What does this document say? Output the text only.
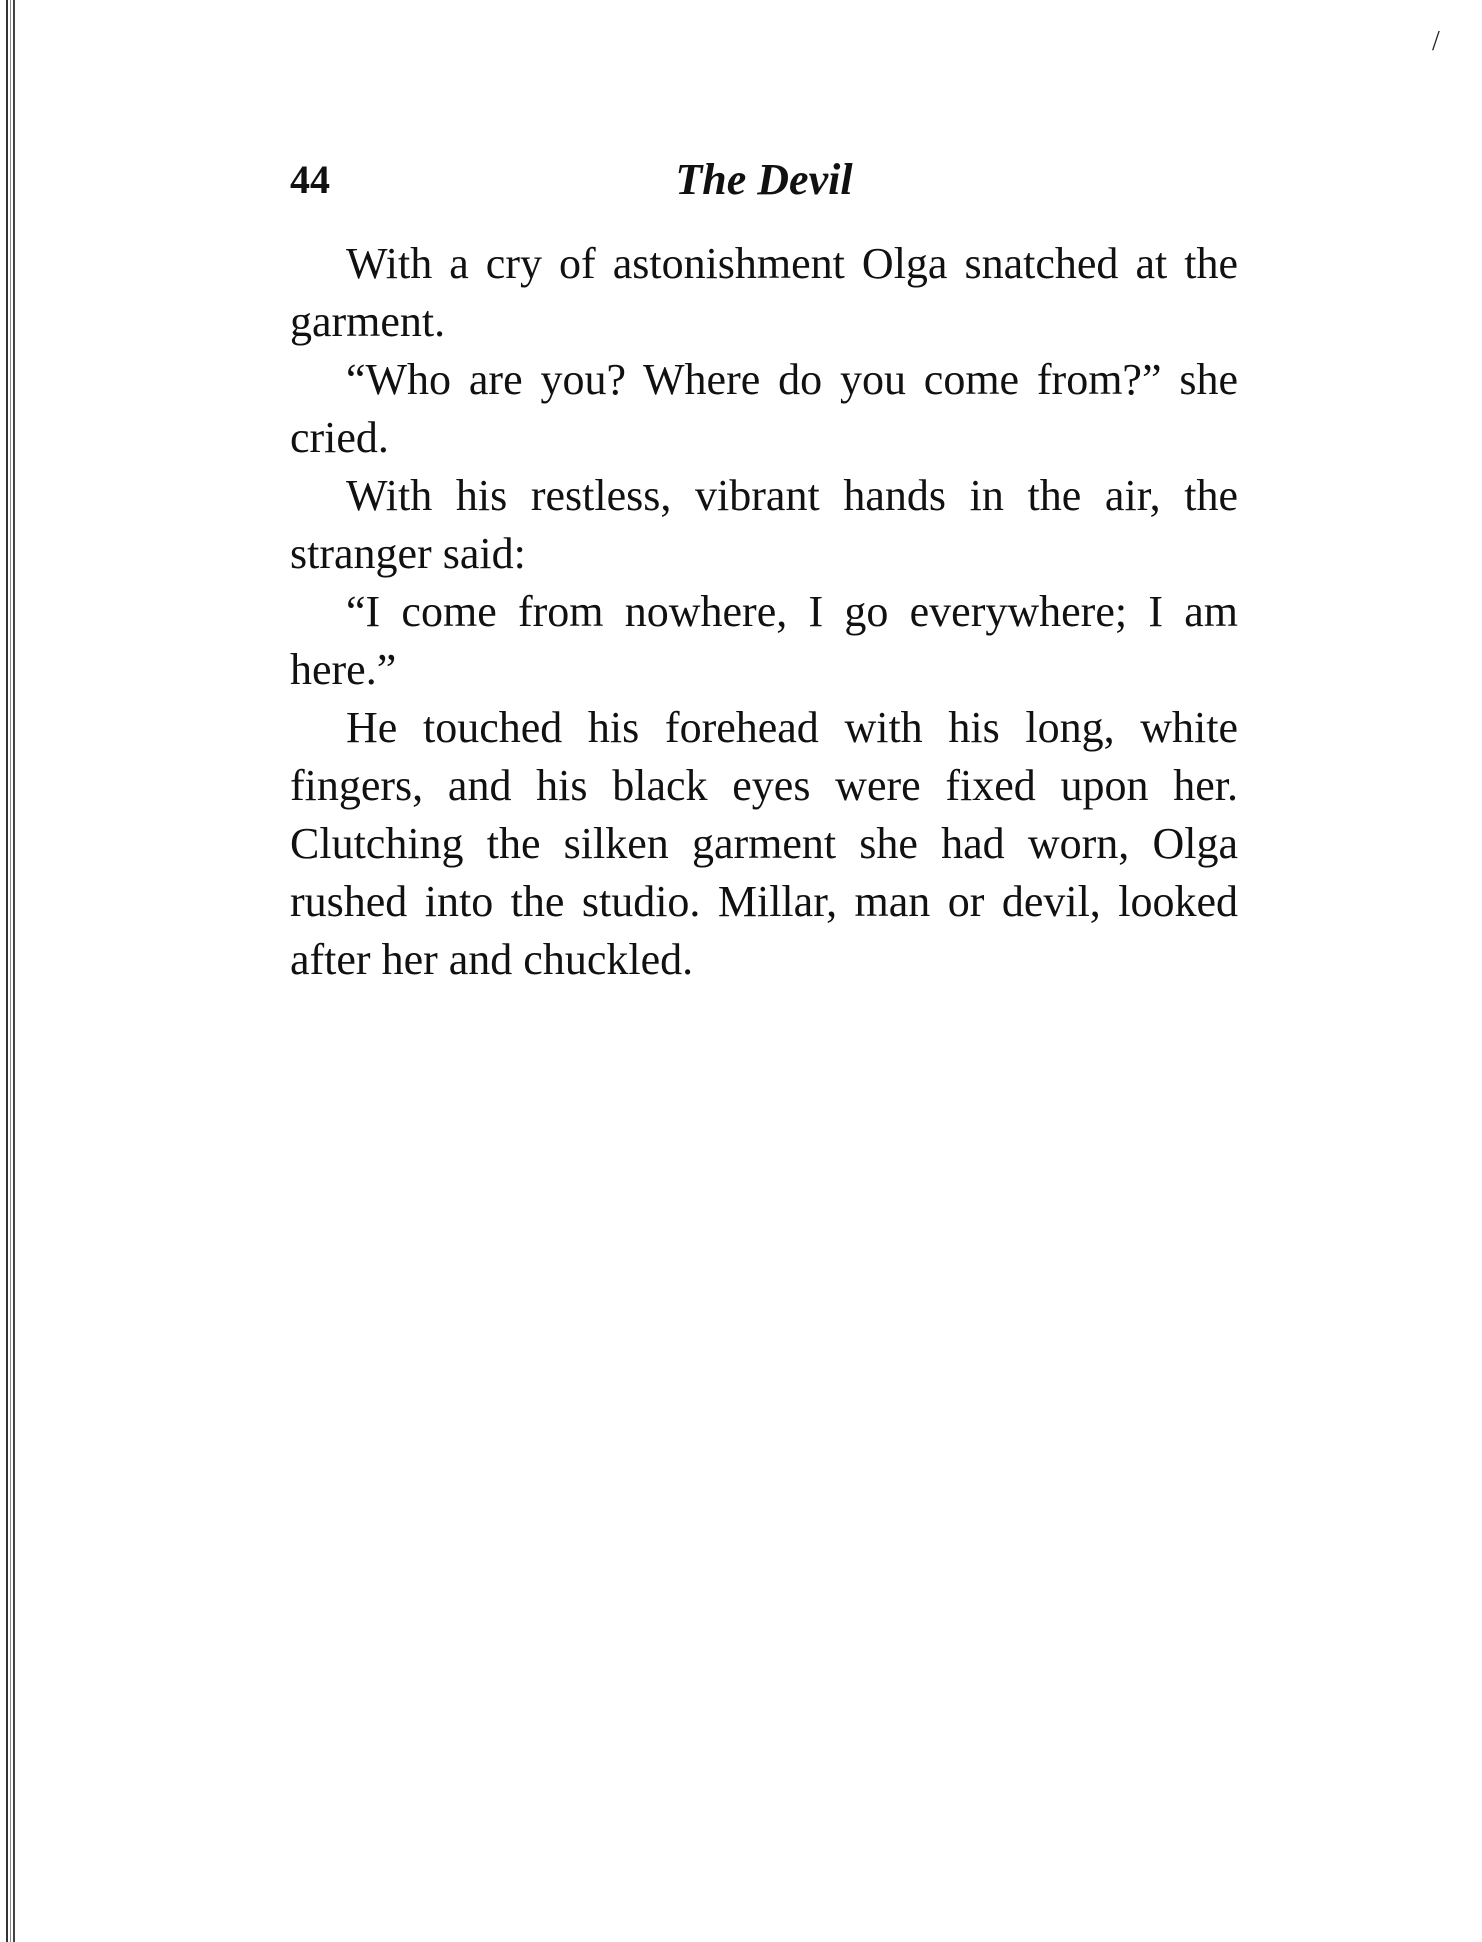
/
44	The Devil

With a cry of astonishment Olga snatched at the garment.

“Who are you? Where do you come from?” she cried.

With his restless, vibrant hands in the air, the stranger said:

“I come from nowhere, I go everywhere; I am here.”

He touched his forehead with his long, white fingers, and his black eyes were fixed upon her. Clutching the silken garment she had worn, Olga rushed into the studio. Millar, man or devil, looked after her and chuckled.
